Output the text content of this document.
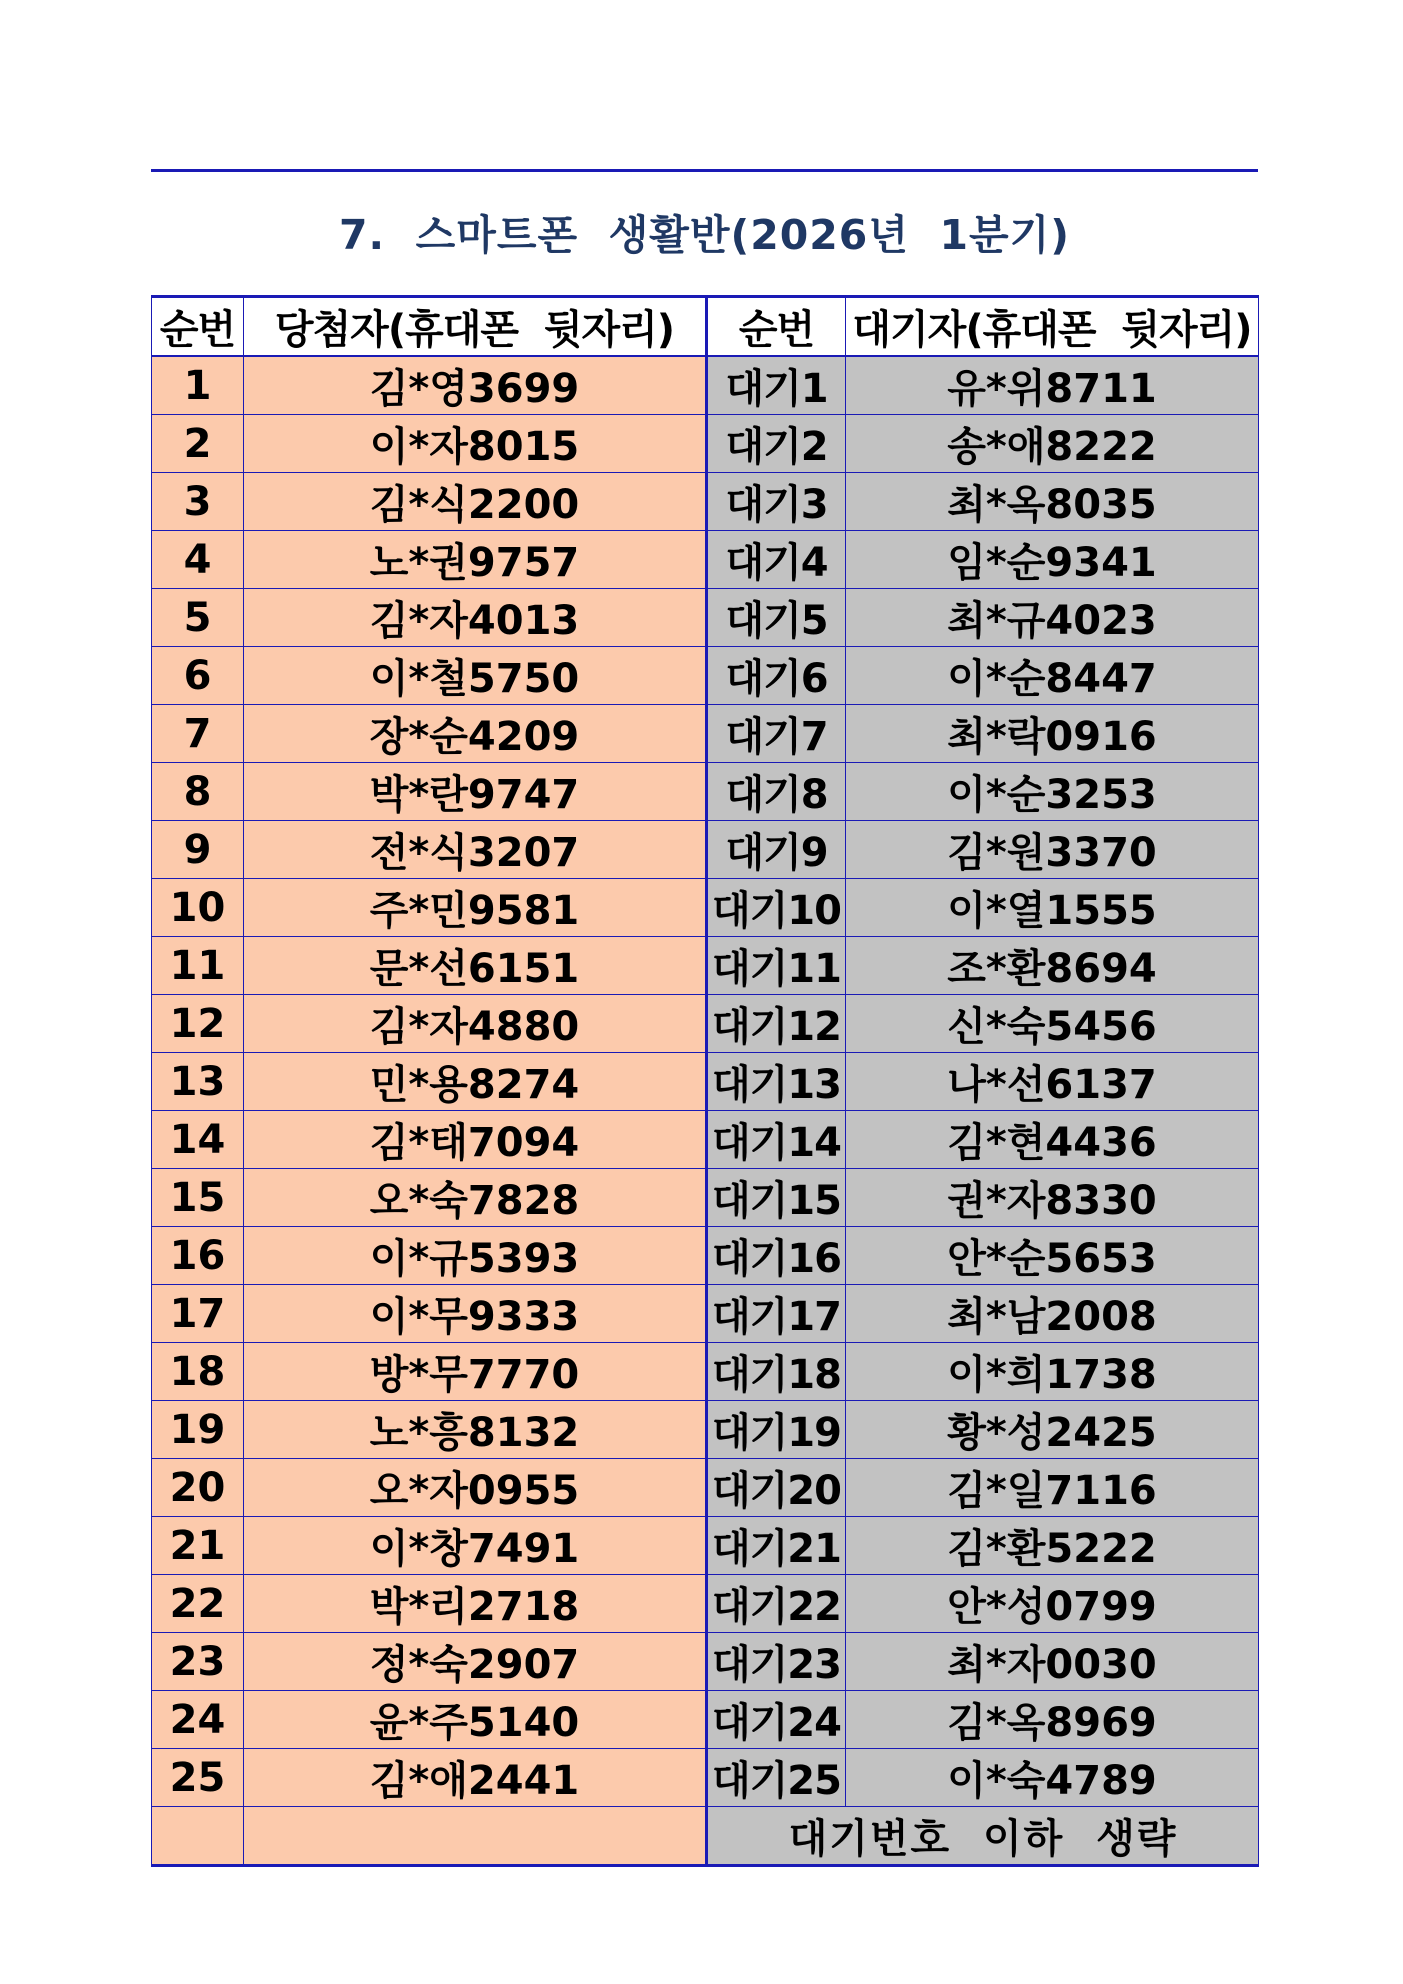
7.  스마트폰  생활반(2026년  1분기)
순번	당첨자(휴대폰  뒷자리)	순번	대기자(휴대폰  뒷자리)
1	김*영3699	대기1	유*위8711
2	이*자8015	대기2	송*애8222
3	김*식2200	대기3	최*옥8035
4	노*권9757	대기4	임*순9341
5	김*자4013	대기5	최*규4023
6	이*철5750	대기6	이*순8447
7	장*순4209	대기7	최*락0916
8	박*란9747	대기8	이*순3253
9	전*식3207	대기9	김*원3370
10	주*민9581	대기10	이*열1555
11	문*선6151	대기11	조*환8694
12	김*자4880	대기12	신*숙5456
13	민*용8274	대기13	나*선6137
14	김*태7094	대기14	김*현4436
15	오*숙7828	대기15	권*자8330
16	이*규5393	대기16	안*순5653
17	이*무9333	대기17	최*남2008
18	방*무7770	대기18	이*희1738
19	노*흥8132	대기19	황*성2425
20	오*자0955	대기20	김*일7116
21	이*창7491	대기21	김*환5222
22	박*리2718	대기22	안*성0799
23	정*숙2907	대기23	최*자0030
24	윤*주5140	대기24	김*옥8969
25	김*애2441	대기25	이*숙4789
		대기번호  이하  생략	
